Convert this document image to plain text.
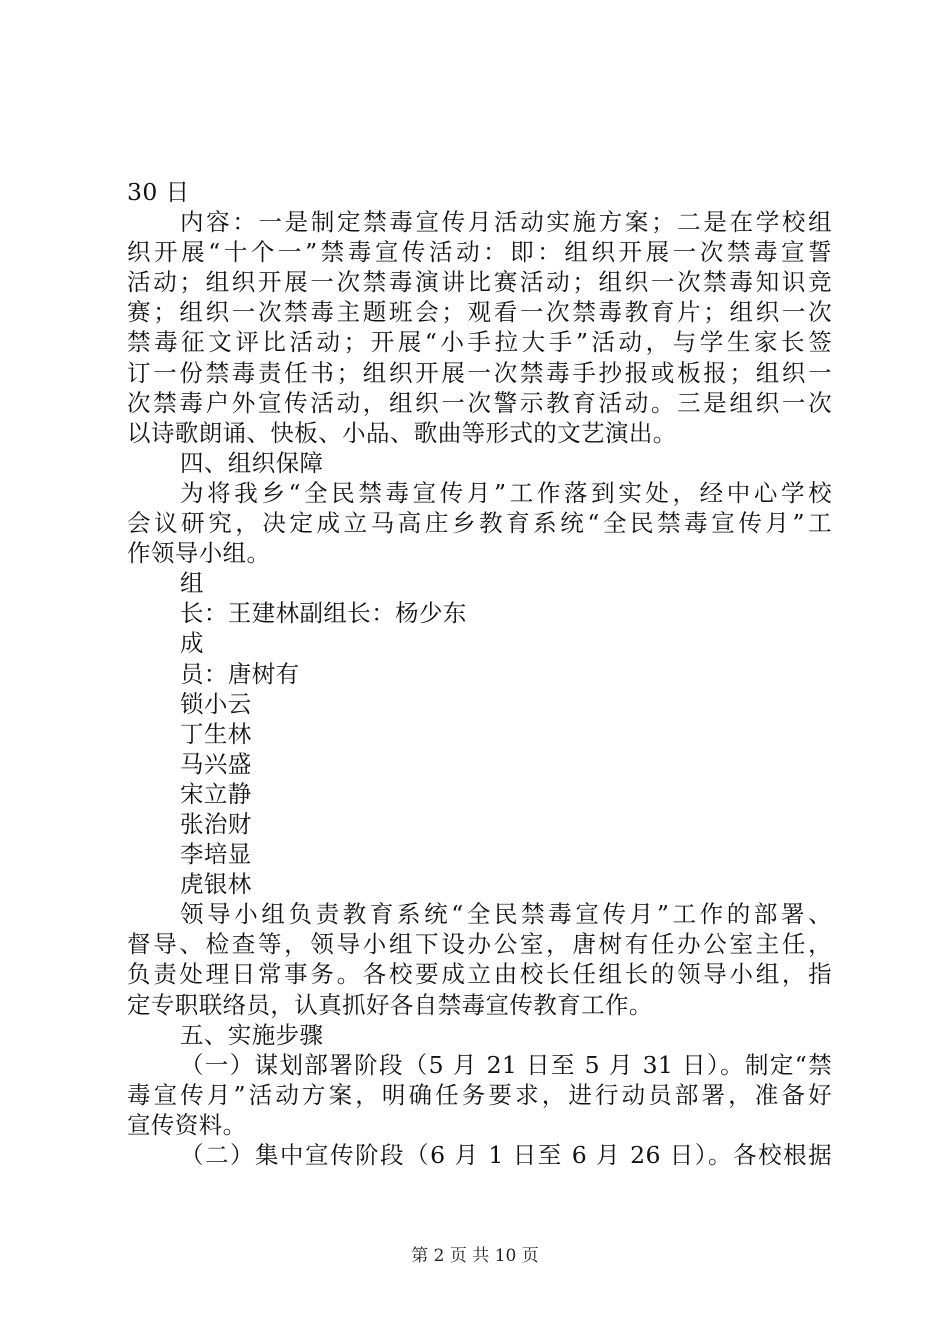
30 日
内容：一是制定禁毒宣传月活动实施方案；二是在学校组
织开展“十个一”禁毒宣传活动：即：组织开展一次禁毒宣誓
活动；组织开展一次禁毒演讲比赛活动；组织一次禁毒知识竞
赛；组织一次禁毒主题班会；观看一次禁毒教育片；组织一次
禁毒征文评比活动；开展“小手拉大手”活动，与学生家长签
订一份禁毒责任书；组织开展一次禁毒手抄报或板报；组织一
次禁毒户外宣传活动，组织一次警示教育活动。三是组织一次
以诗歌朗诵、快板、小品、歌曲等形式的文艺演出。
四、组织保障
为将我乡“全民禁毒宣传月”工作落到实处，经中心学校
会议研究，决定成立马高庄乡教育系统“全民禁毒宣传月”工
作领导小组。
组
长：王建林副组长：杨少东
成
员：唐树有
锁小云
丁生林
马兴盛
宋立静
张治财
李培显
虎银林
领导小组负责教育系统“全民禁毒宣传月”工作的部署、
督导、检查等，领导小组下设办公室，唐树有任办公室主任，
负责处理日常事务。各校要成立由校长任组长的领导小组，指
定专职联络员，认真抓好各自禁毒宣传教育工作。
五、实施步骤
（一）谋划部署阶段（5 月 21 日至 5 月 31 日）。制定“禁
毒宣传月”活动方案，明确任务要求，进行动员部署，准备好
宣传资料。
（二）集中宣传阶段（6 月 1 日至 6 月 26 日）。各校根据
第 2 页 共 10 页
